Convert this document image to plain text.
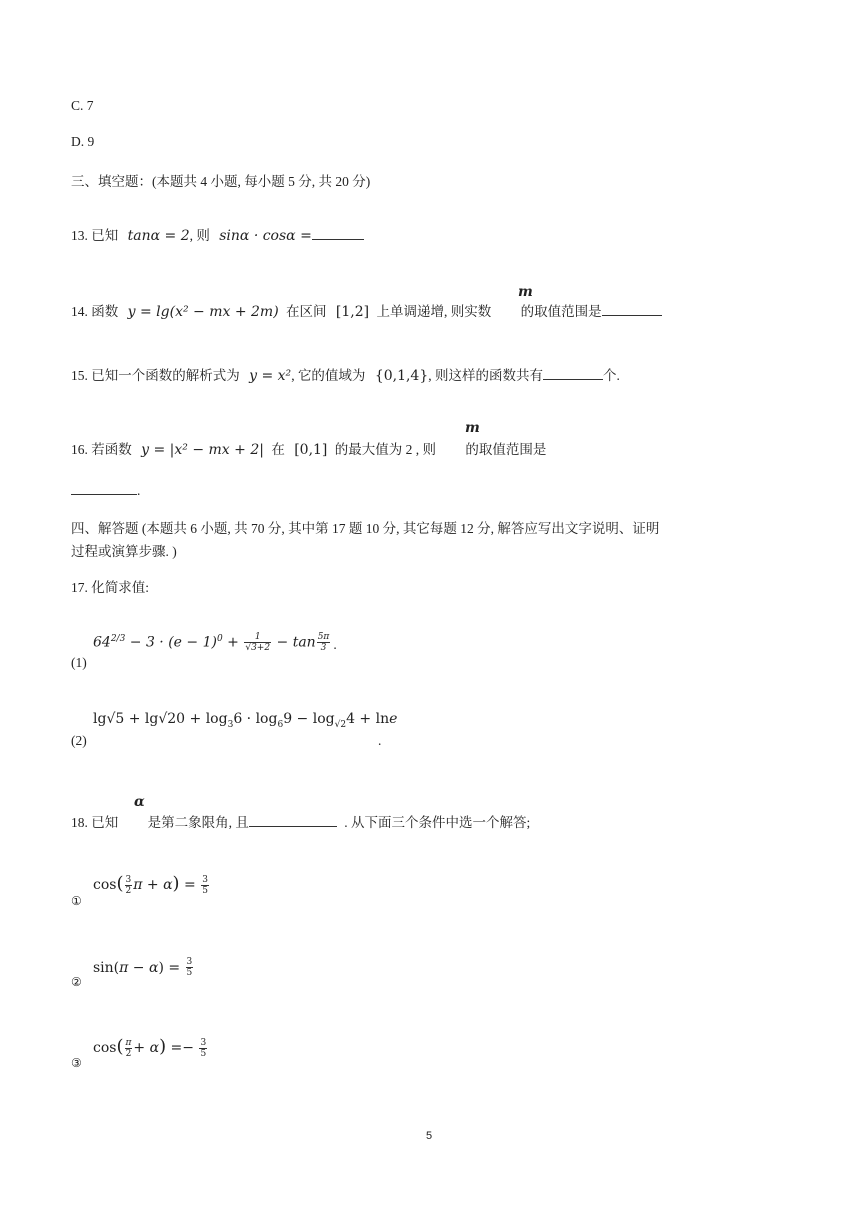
C. 7
D. 9
三、填空题：(本题共 4 小题, 每小题 5 分, 共 20 分)
13. 已知 tanα = 2, 则 sinα · cosα =
m
14. 函数 y = lg(x² − mx + 2m) 在区间 [1,2] 上单调递增, 则实数 的取值范围是
15. 已知一个函数的解析式为 y = x², 它的值域为 {0,1,4}, 则这样的函数共有	个.
m
16. 若函数 y = |x² − mx + 2| 在 [0,1] 的最大值为 2 , 则 的取值范围是
.
四、解答题 (本题共 6 小题, 共 70 分, 其中第 17 题 10 分, 其它每题 12 分, 解答应写出文字说明、证明
过程或演算步骤. )
17. 化简求值:
(1)
$64^{2/3} - 3 \cdot (e - 1)^0 + \frac{1}{√3+2} - \tan \frac{5\pi}{3}$ .
(2)
$\lg√5 + \lg√20 + \log_36 \cdot \log_69 - \log_{√2}4 + \ln e$
.
α
18. 已知 是第二象限角, 且	. 从下面三个条件中选一个解答;
①
$\cos( \frac{3}{2}$ $\pi + \alpha) = \frac{3}{5}$
②
$\sin(\pi - \alpha) = \frac{3}{5}$
③
$\cos( \frac{\pi}{2} + \alpha) =- \frac{3}{5}$
5
